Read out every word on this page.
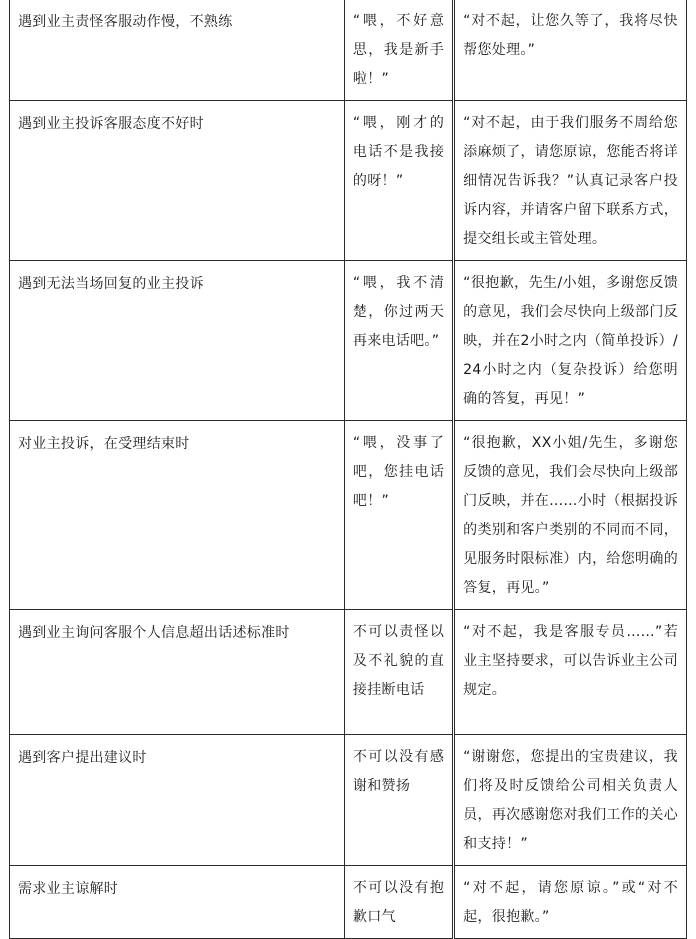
遇到业主责怪客服动作慢，不熟练	“喂，不好意思，我是新手啦！”	“对不起，让您久等了，我将尽快帮您处理。”
遇到业主投诉客服态度不好时	“喂，刚才的电话不是我接的呀！”	“对不起，由于我们服务不周给您添麻烦了，请您原谅，您能否将详细情况告诉我？”认真记录客户投诉内容，并请客户留下联系方式，提交组长或主管处理。
遇到无法当场回复的业主投诉	“喂，我不清楚，你过两天再来电话吧。”	“很抱歉，先生/小姐，多谢您反馈的意见，我们会尽快向上级部门反映，并在2小时之内（简单投诉）/24小时之内（复杂投诉）给您明确的答复，再见！”
对业主投诉，在受理结束时	“喂，没事了吧，您挂电话吧！”	“很抱歉，XX小姐/先生，多谢您反馈的意见，我们会尽快向上级部门反映，并在……小时（根据投诉的类别和客户类别的不同而不同，见服务时限标准）内，给您明确的答复，再见。”
遇到业主询问客服个人信息超出话述标准时	不可以责怪以及不礼貌的直接挂断电话	“对不起，我是客服专员……”若业主坚持要求，可以告诉业主公司规定。
遇到客户提出建议时	不可以没有感谢和赞扬	“谢谢您，您提出的宝贵建议，我们将及时反馈给公司相关负责人员，再次感谢您对我们工作的关心和支持！”
需求业主谅解时	不可以没有抱歉口气	“对不起，请您原谅。”或“对不起，很抱歉。”
